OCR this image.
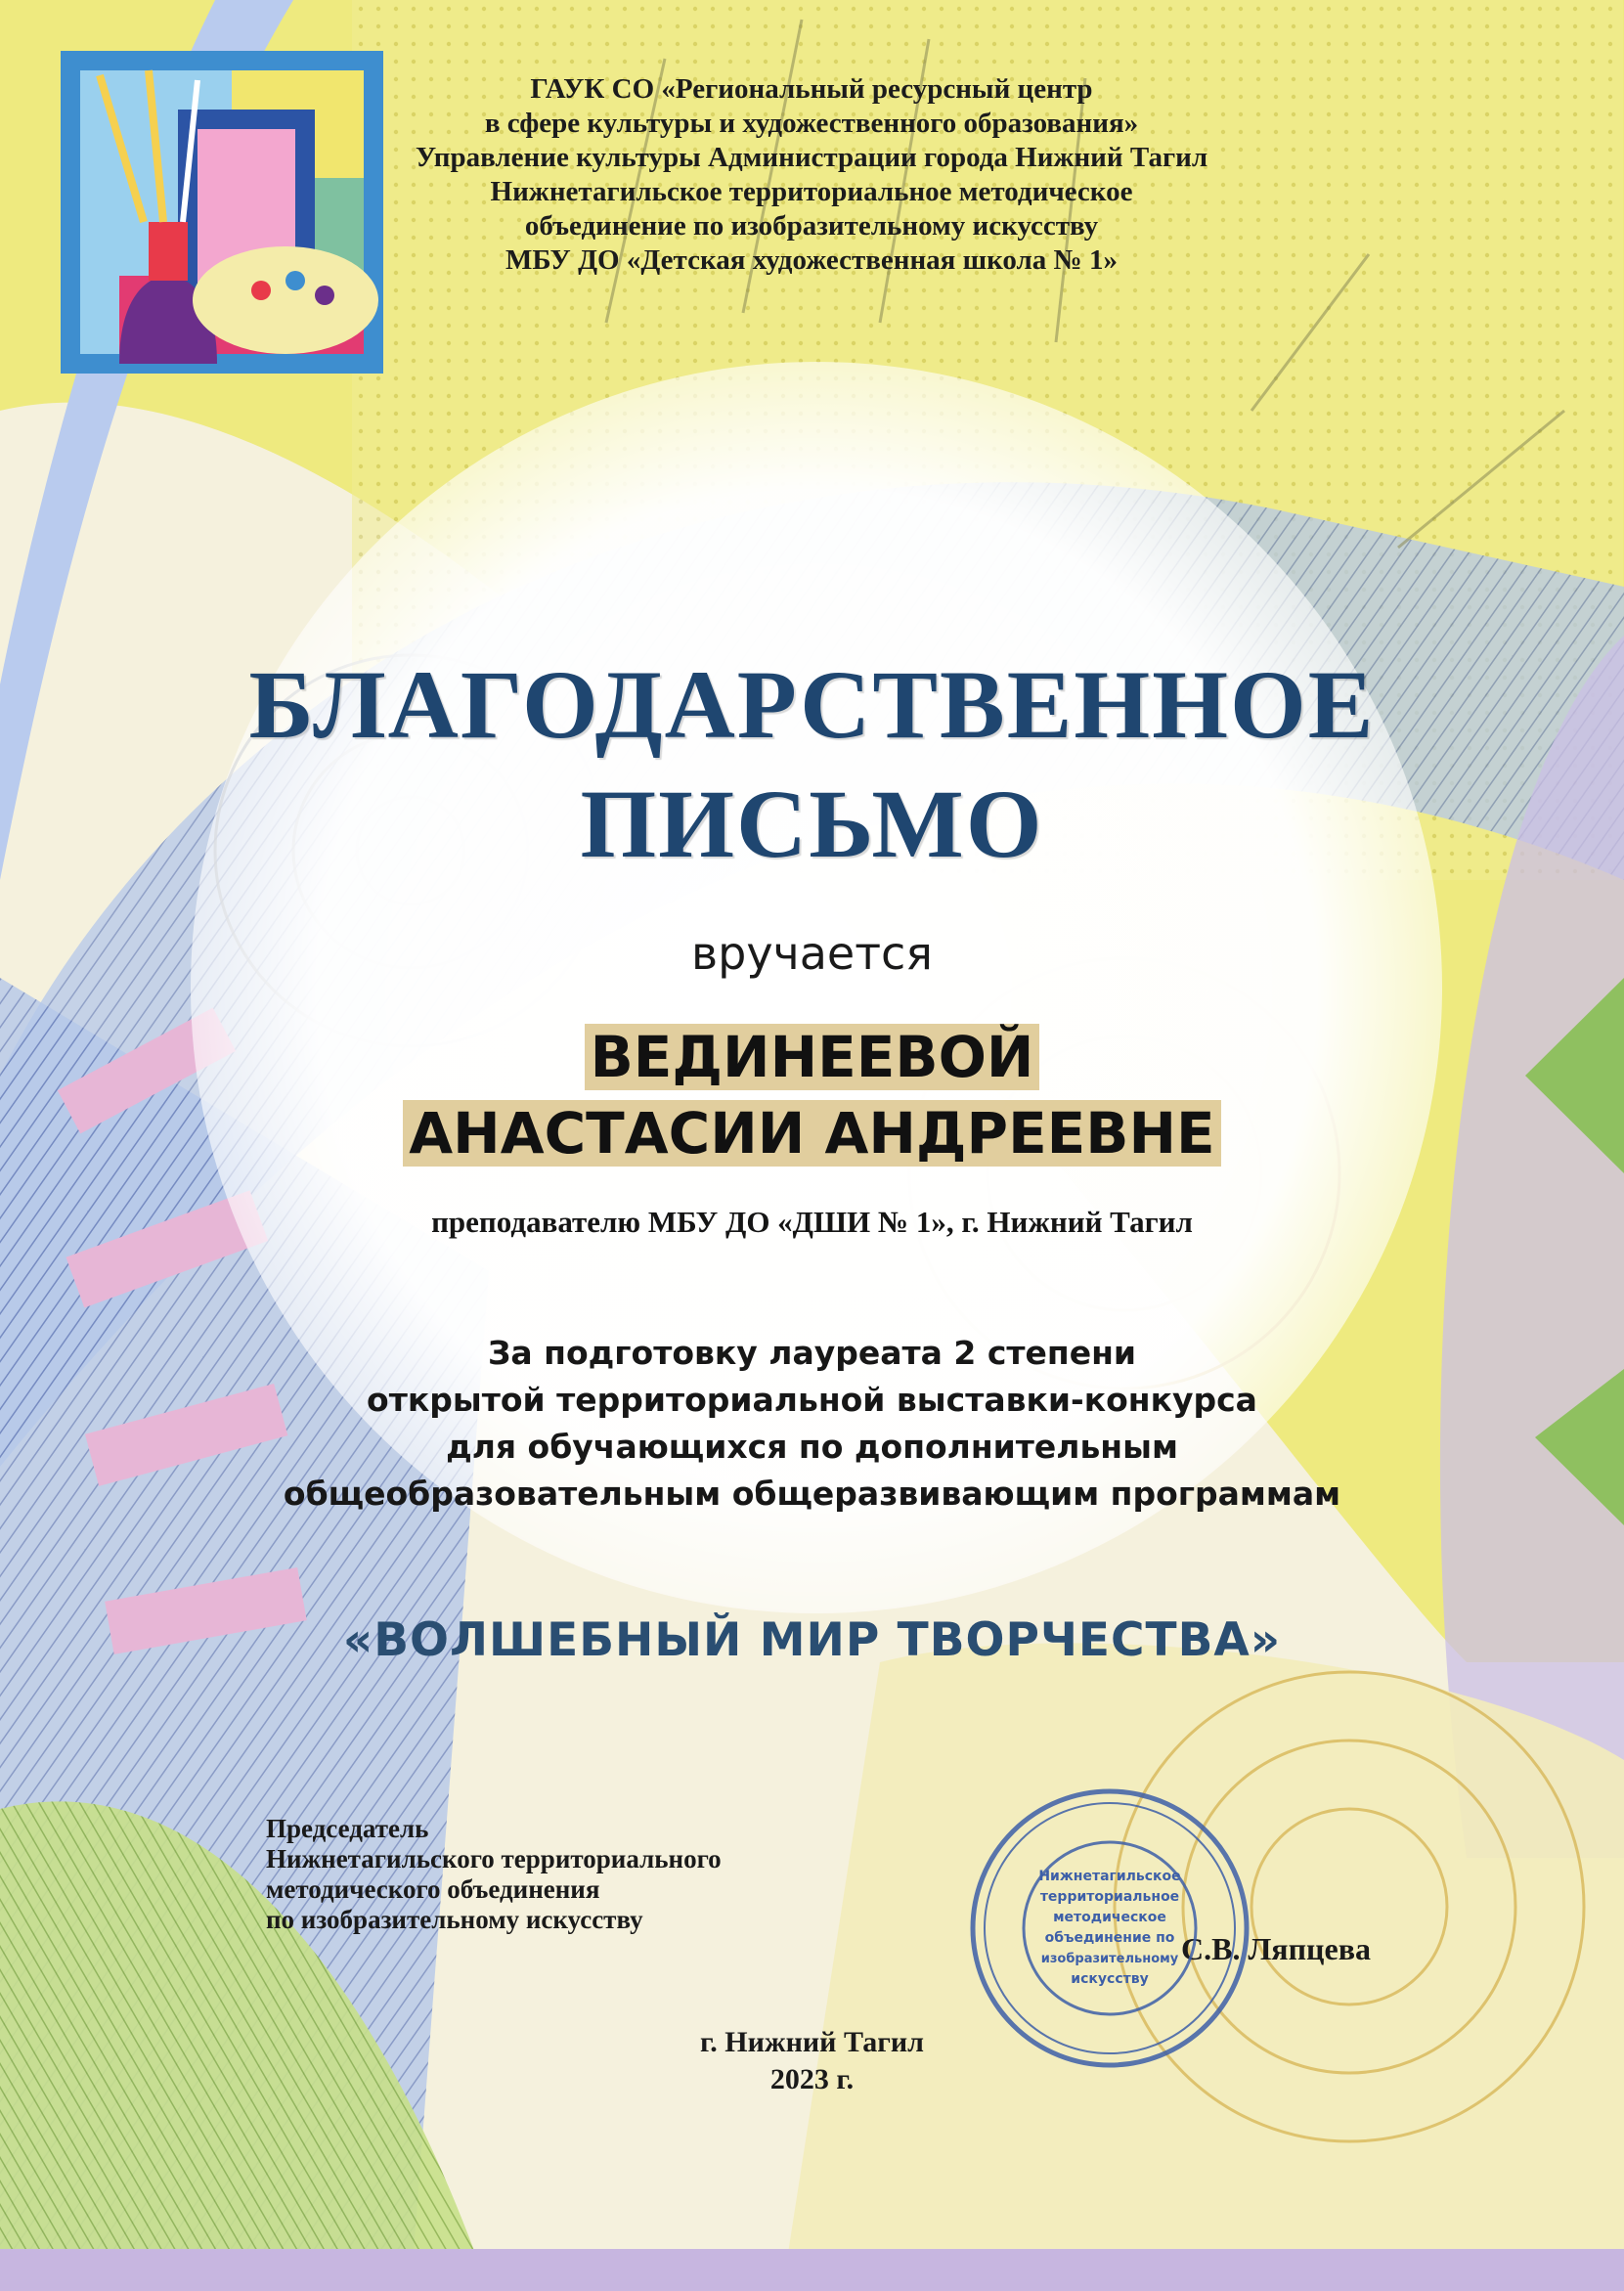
ГАУК СО «Региональный ресурсный центр
в сфере культуры и художественного образования»
Управление культуры Администрации города Нижний Тагил
Нижнетагильское территориальное методическое
объединение по изобразительному искусству
МБУ ДО «Детская художественная школа № 1»
БЛАГОДАРСТВЕННОЕ
ПИСЬМО
вручается
ВЕДИНЕЕВОЙ
АНАСТАСИИ АНДРЕЕВНЕ
преподавателю МБУ ДО «ДШИ № 1», г. Нижний Тагил
За подготовку лауреата 2 степени
открытой территориальной выставки-конкурса
для обучающихся по дополнительным
общеобразовательным общеразвивающим программам
«ВОЛШЕБНЫЙ МИР ТВОРЧЕСТВА»
Председатель
Нижнетагильского территориального
методического объединения
по изобразительному искусству
С.В. Ляпцева
Нижнетагильское
территориальное
методическое
объединение по
изобразительному
искусству
г. Нижний Тагил
2023 г.
